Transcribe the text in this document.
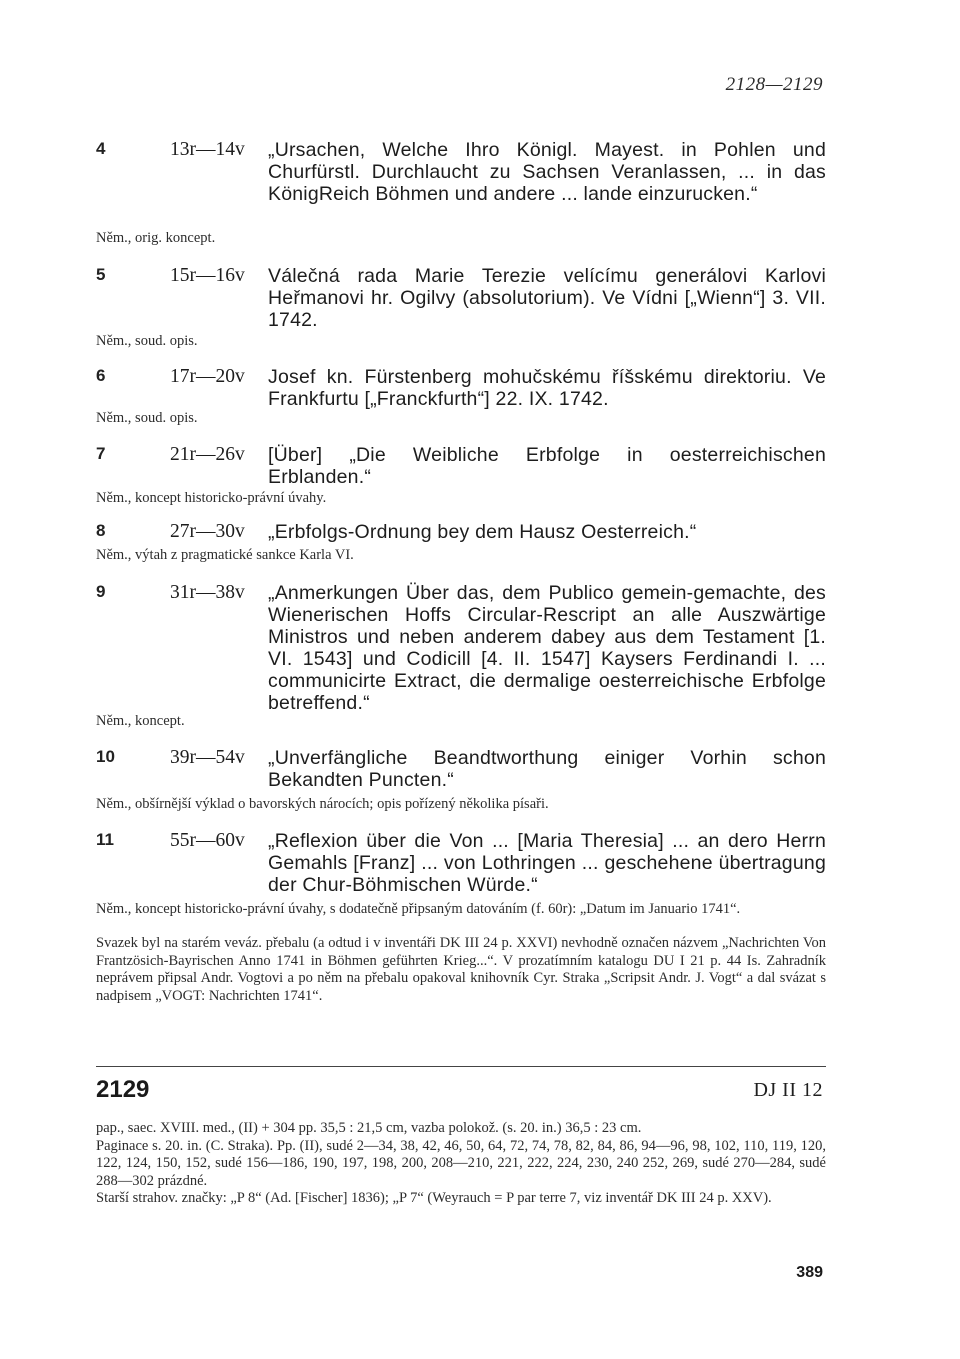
2128—2129
4	13r—14v	„Ursachen, Welche Ihro Königl. Mayest. in Pohlen und Churfürstl. Durchlaucht zu Sachsen Veranlassen, ... in das KönigReich Böhmen und andere ... lande einzurucken.“
Něm., orig. koncept.
5	15r—16v	Válečná rada Marie Terezie velícímu generálovi Karlovi Heřmanovi hr. Ogilvy (absolutorium). Ve Vídni [„Wienn“] 3. VII. 1742.
Něm., soud. opis.
6	17r—20v	Josef kn. Fürstenberg mohučskému říšskému direktoriu. Ve Frankfurtu [„Franckfurth“] 22. IX. 1742.
Něm., soud. opis.
7	21r—26v	[Über] „Die Weibliche Erbfolge in oesterreichischen Erblanden.“
Něm., koncept historicko-právní úvahy.
8	27r—30v	„Erbfolgs-Ordnung bey dem Hausz Oesterreich.“
Něm., výtah z pragmatické sankce Karla VI.
9	31r—38v	„Anmerkungen Über das, dem Publico gemein-gemachte, des Wienerischen Hoffs Circular-Rescript an alle Auszwärtige Ministros und neben anderem dabey aus dem Testament [1. VI. 1543] und Codicill [4. II. 1547] Kaysers Ferdinandi I. ... communicirte Extract, die dermalige oesterreichische Erbfolge betreffend.“
Něm., koncept.
10	39r—54v	„Unverfängliche Beandtworthung einiger Vorhin schon Bekandten Puncten.“
Něm., obšírnější výklad o bavorských nárocích; opis pořízený několika písaři.
11	55r—60v	„Reflexion über die Von ... [Maria Theresia] ... an dero Herrn Gemahls [Franz] ... von Lothringen ... geschehene übertragung der Chur-Böhmischen Würde.“
Něm., koncept historicko-právní úvahy, s dodatečně připsaným datováním (f. 60r): „Datum im Januario 1741“.
Svazek byl na starém veváz. přebalu (a odtud i v inventáři DK III 24 p. XXVI) nevhodně označen názvem „Nachrichten Von Frantzösich-Bayrischen Anno 1741 in Böhmen geführten Krieg...“. V prozatímním katalogu DU I 21 p. 44 Is. Zahradník neprávem připsal Andr. Vogtovi a po něm na přebalu opakoval knihovník Cyr. Straka „Scripsit Andr. J. Vogt“ a dal svázat s nadpisem „VOGT: Nachrichten 1741“.
2129	DJ II 12
pap., saec. XVIII. med., (II) + 304 pp. 35,5 : 21,5 cm, vazba polokož. (s. 20. in.) 36,5 : 23 cm.
Paginace s. 20. in. (C. Straka). Pp. (II), sudé 2—34, 38, 42, 46, 50, 64, 72, 74, 78, 82, 84, 86, 94—96, 98, 102, 110, 119, 120, 122, 124, 150, 152, sudé 156—186, 190, 197, 198, 200, 208—210, 221, 222, 224, 230, 240 252, 269, sudé 270—284, sudé 288—302 prázdné.
Starší strahov. značky: „P 8“ (Ad. [Fischer] 1836); „P 7“ (Weyrauch = P par terre 7, viz inventář DK III 24 p. XXV).
389
